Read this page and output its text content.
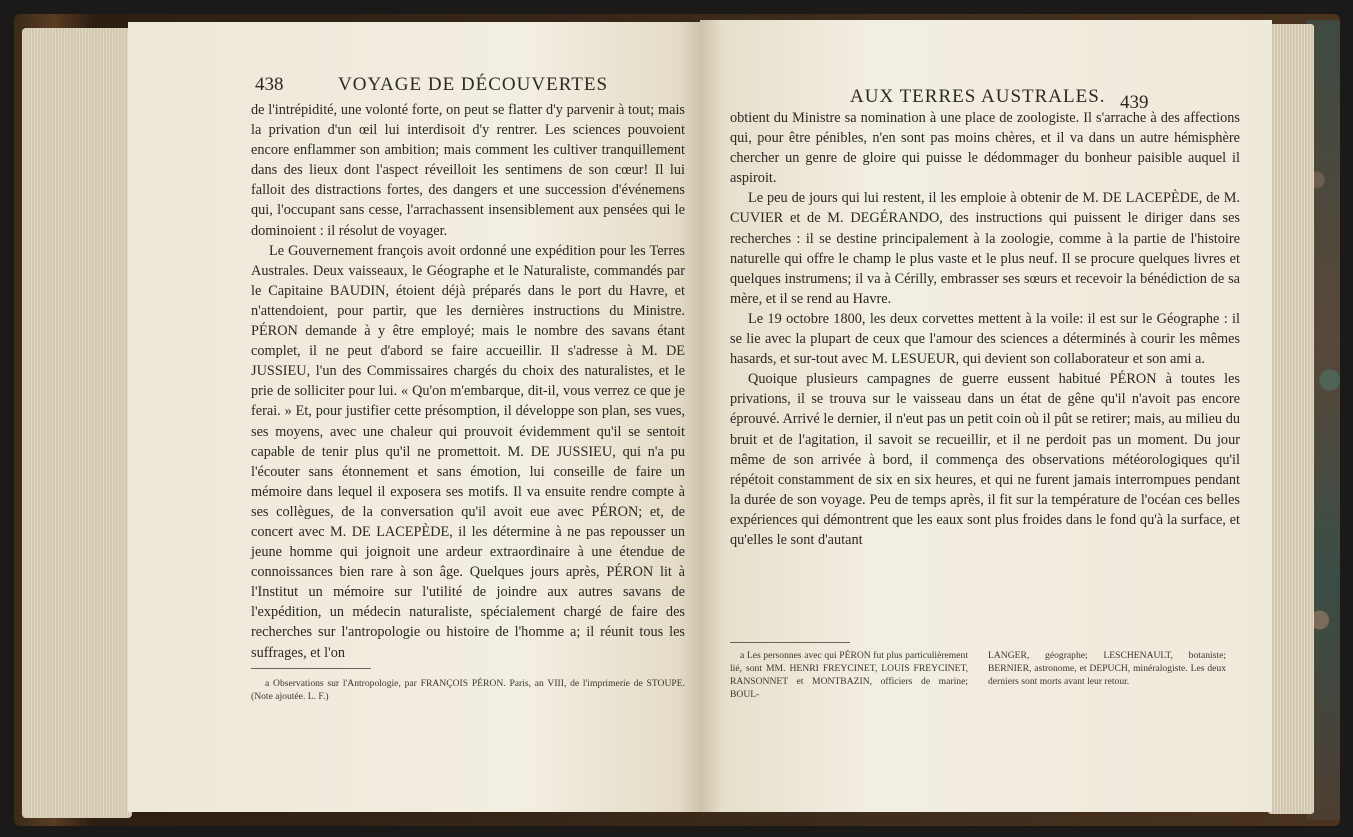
438	VOYAGE DE DÉCOUVERTES

de l'intrépidité, une volonté forte, on peut se flatter d'y parvenir à tout; mais la privation d'un œil lui interdisoit d'y rentrer. Les sciences pouvoient encore enflammer son ambition; mais comment les cultiver tranquillement dans des lieux dont l'aspect réveilloit les sentimens de son cœur! Il lui falloit des distractions fortes, des dangers et une succession d'événemens qui, l'occupant sans cesse, l'arrachassent insensiblement aux pensées qui le dominoient : il résolut de voyager.

Le Gouvernement françois avoit ordonné une expédition pour les Terres Australes. Deux vaisseaux, le Géographe et le Naturaliste, commandés par le Capitaine BAUDIN, étoient déjà préparés dans le port du Havre, et n'attendoient, pour partir, que les dernières instructions du Ministre. PÉRON demande à y être employé; mais le nombre des savans étant complet, il ne peut d'abord se faire accueillir. Il s'adresse à M. DE JUSSIEU, l'un des Commissaires chargés du choix des naturalistes, et le prie de solliciter pour lui. « Qu'on m'embarque, dit-il, vous verrez ce que je ferai. » Et, pour justifier cette présomption, il développe son plan, ses vues, ses moyens, avec une chaleur qui prouvoit évidemment qu'il se sentoit capable de tenir plus qu'il ne promettoit. M. DE JUSSIEU, qui n'a pu l'écouter sans étonnement et sans émotion, lui conseille de faire un mémoire dans lequel il exposera ses motifs. Il va ensuite rendre compte à ses collègues, de la conversation qu'il avoit eue avec PÉRON; et, de concert avec M. DE LACEPÈDE, il les détermine à ne pas repousser un jeune homme qui joignoit une ardeur extraordinaire à une étendue de connoissances bien rare à son âge. Quelques jours après, PÉRON lit à l'Institut un mémoire sur l'utilité de joindre aux autres savans de l'expédition, un médecin naturaliste, spécialement chargé de faire des recherches sur l'antropologie ou histoire de l'homme a; il réunit tous les suffrages, et l'on

a Observations sur l'Antropologie, par FRANÇOIS PÉRON. Paris, an VIII, de l'imprimerie de STOUPE. (Note ajoutée. L. F.)
AUX TERRES AUSTRALES. 439

obtient du Ministre sa nomination à une place de zoologiste. Il s'arrache à des affections qui, pour être pénibles, n'en sont pas moins chères, et il va dans un autre hémisphère chercher un genre de gloire qui puisse le dédommager du bonheur paisible auquel il aspiroit.

Le peu de jours qui lui restent, il les emploie à obtenir de M. DE LACEPÈDE, de M. CUVIER et de M. DEGÉRANDO, des instructions qui puissent le diriger dans ses recherches : il se destine principalement à la zoologie, comme à la partie de l'histoire naturelle qui offre le champ le plus vaste et le plus neuf. Il se procure quelques livres et quelques instrumens; il va à Cérilly, embrasser ses sœurs et recevoir la bénédiction de sa mère, et il se rend au Havre.

Le 19 octobre 1800, les deux corvettes mettent à la voile: il est sur le Géographe : il se lie avec la plupart de ceux que l'amour des sciences a déterminés à courir les mêmes hasards, et sur-tout avec M. LESUEUR, qui devient son collaborateur et son ami a.

Quoique plusieurs campagnes de guerre eussent habitué PÉRON à toutes les privations, il se trouva sur le vaisseau dans un état de gêne qu'il n'avoit pas encore éprouvé. Arrivé le dernier, il n'eut pas un petit coin où il pût se retirer; mais, au milieu du bruit et de l'agitation, il savoit se recueillir, et il ne perdoit pas un moment. Du jour même de son arrivée à bord, il commença des observations météorologiques qu'il répétoit constamment de six en six heures, et qui ne furent jamais interrompues pendant la durée de son voyage. Peu de temps après, il fit sur la température de l'océan ces belles expériences qui démontrent que les eaux sont plus froides dans le fond qu'à la surface, et qu'elles le sont d'autant

a Les personnes avec qui PÉRON fut plus particulièrement lié, sont MM. HENRI FREYCINET, LOUIS FREYCINET, RANSONNET et MONTBAZIN, officiers de marine; BOUL-
LANGER, géographe; LESCHENAULT, botaniste; BERNIER, astronome, et DEPUCH, minéralogiste. Les deux derniers sont morts avant leur retour.
